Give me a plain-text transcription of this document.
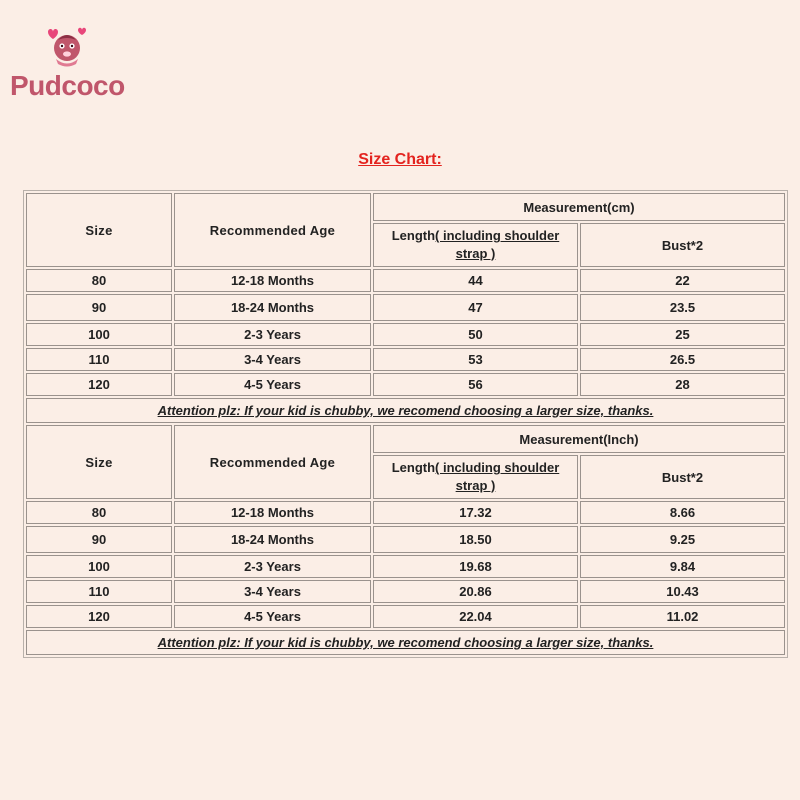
Pudcoco
Size Chart:
Size	Recommended Age	Measurement(cm)	
		Length( including shoulder strap )	Bust*2
80	12-18 Months	44	22
90	18-24 Months	47	23.5
100	2-3 Years	50	25
110	3-4 Years	53	26.5
120	4-5 Years	56	28
Attention plz: If your kid is chubby, we recomend choosing a larger size, thanks.			
Size	Recommended Age	Measurement(Inch)	
		Length( including shoulder strap )	Bust*2
80	12-18 Months	17.32	8.66
90	18-24 Months	18.50	9.25
100	2-3 Years	19.68	9.84
110	3-4 Years	20.86	10.43
120	4-5 Years	22.04	11.02
Attention plz: If your kid is chubby, we recomend choosing a larger size, thanks.			
